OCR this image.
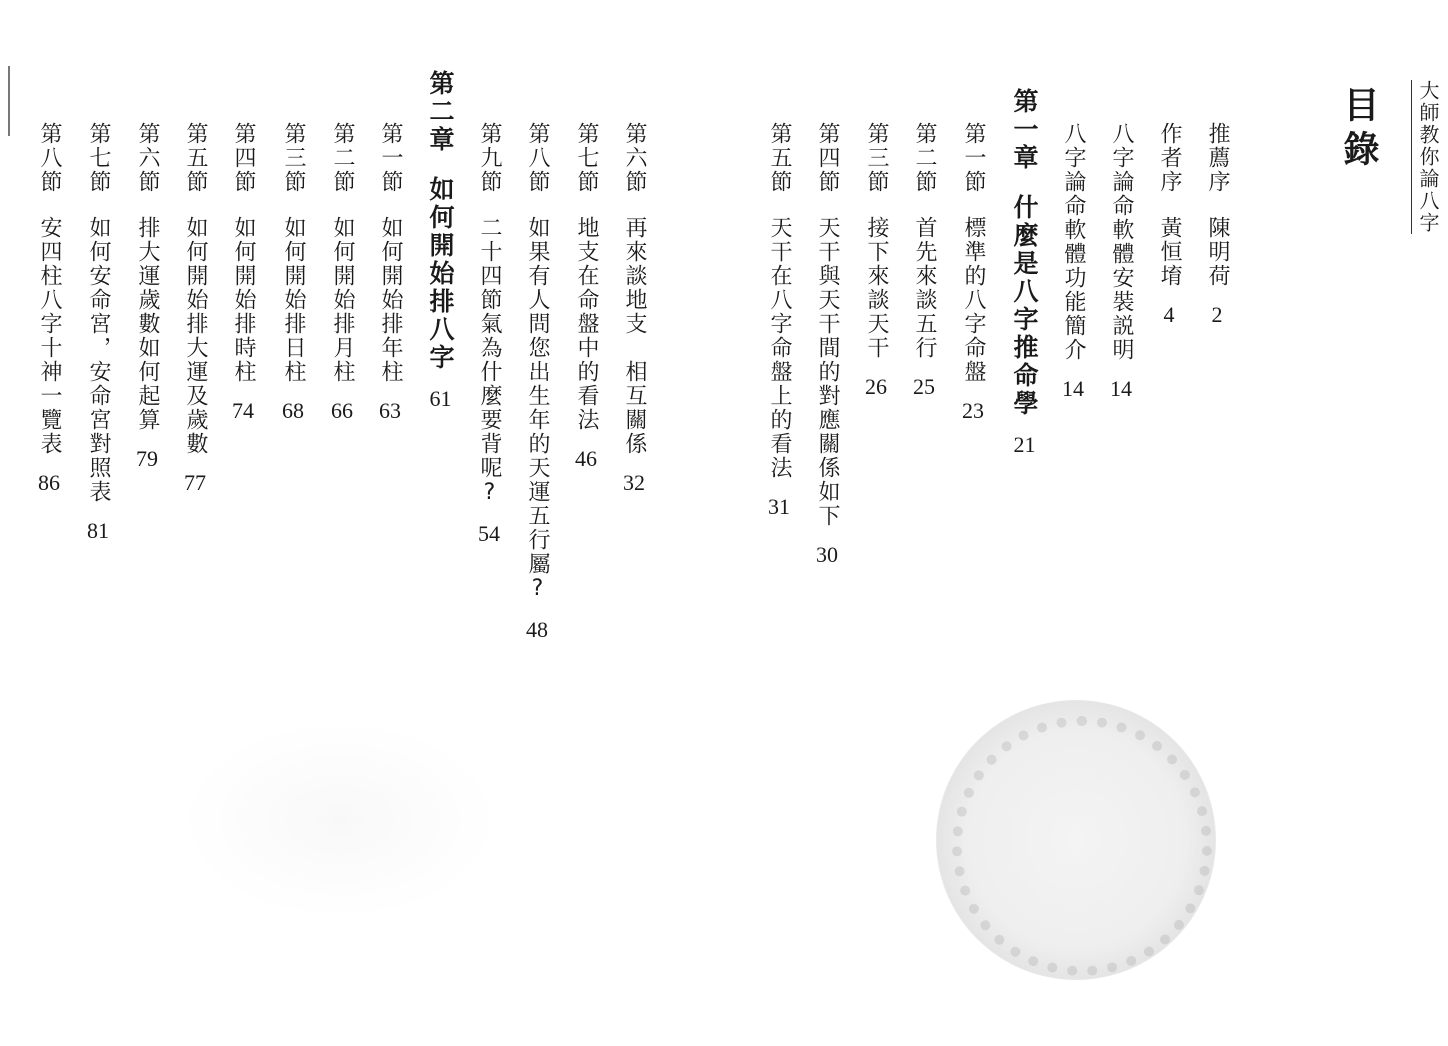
大師教你論八字
目錄
推薦序
陳明荷
2
作者序
黃恒堉
4
八字論命軟體安裝説明
14
八字論命軟體功能簡介
14
第一章
什麼是八字推命學
21
第一節
標準的八字命盤
23
第二節
首先來談五行
25
第三節
接下來談天干
26
第四節
天干與天干間的對應關係如下
30
第五節
天干在八字命盤上的看法
31
第六節
再來談地支　相互關係
32
第七節
地支在命盤中的看法
46
第八節
如果有人問您出生年的天運五行屬?
48
第九節
二十四節氣為什麼要背呢?
54
第二章
如何開始排八字
61
第一節
如何開始排年柱
63
第二節
如何開始排月柱
66
第三節
如何開始排日柱
68
第四節
如何開始排時柱
74
第五節
如何開始排大運及歲數
77
第六節
排大運歲數如何起算
79
第七節
如何安命宮，安命宮對照表
81
第八節
安四柱八字十神一覽表
86
